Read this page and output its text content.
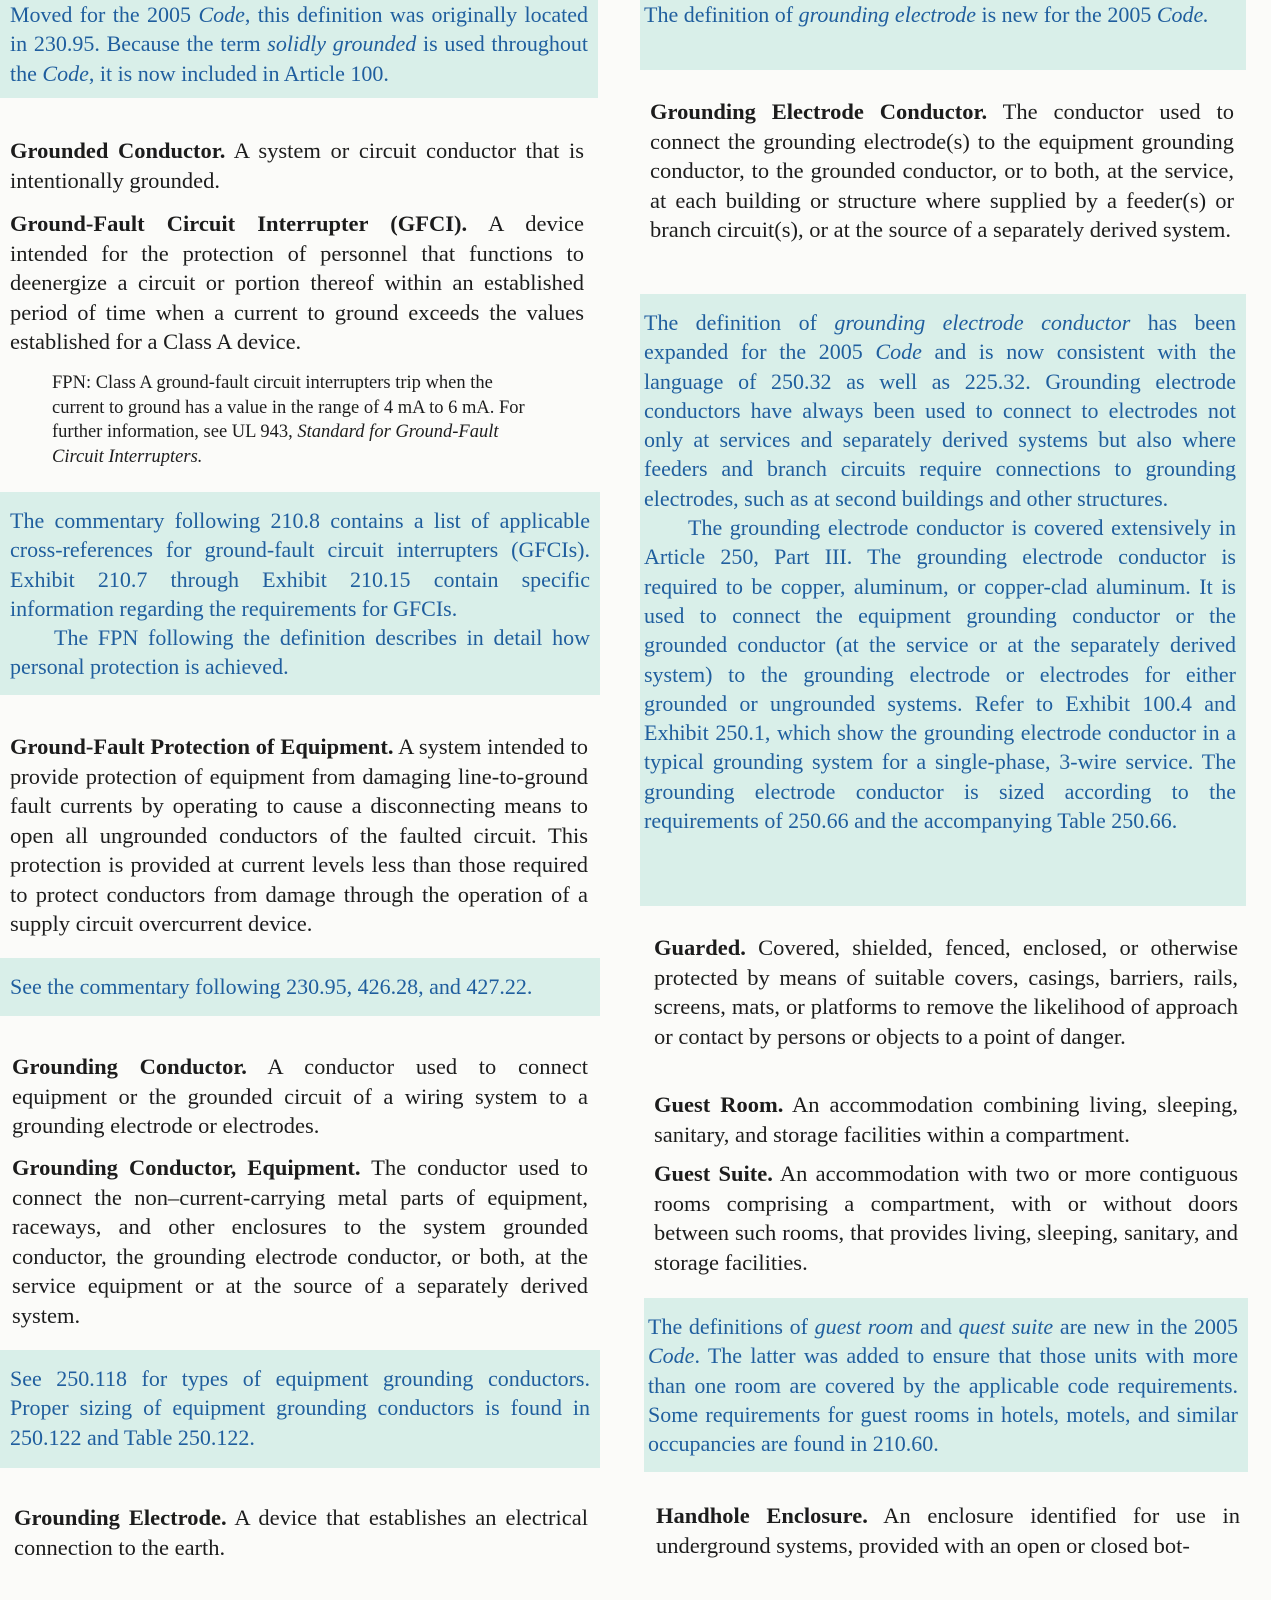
Moved for the 2005 Code, this definition was originally located in 230.95. Because the term solidly grounded is used throughout the Code, it is now included in Article 100.
Grounded Conductor. A system or circuit conductor that is intentionally grounded.
Ground-Fault Circuit Interrupter (GFCI). A device intended for the protection of personnel that functions to deenergize a circuit or portion thereof within an established period of time when a current to ground exceeds the values established for a Class A device.
FPN: Class A ground-fault circuit interrupters trip when the current to ground has a value in the range of 4 mA to 6 mA. For further information, see UL 943, Standard for Ground-Fault Circuit Interrupters.
The commentary following 210.8 contains a list of applicable cross-references for ground-fault circuit interrupters (GFCIs). Exhibit 210.7 through Exhibit 210.15 contain specific information regarding the requirements for GFCIs.
The FPN following the definition describes in detail how personal protection is achieved.
Ground-Fault Protection of Equipment. A system intended to provide protection of equipment from damaging line-to-ground fault currents by operating to cause a disconnecting means to open all ungrounded conductors of the faulted circuit. This protection is provided at current levels less than those required to protect conductors from damage through the operation of a supply circuit overcurrent device.
See the commentary following 230.95, 426.28, and 427.22.
Grounding Conductor. A conductor used to connect equipment or the grounded circuit of a wiring system to a grounding electrode or electrodes.
Grounding Conductor, Equipment. The conductor used to connect the non–current-carrying metal parts of equipment, raceways, and other enclosures to the system grounded conductor, the grounding electrode conductor, or both, at the service equipment or at the source of a separately derived system.
See 250.118 for types of equipment grounding conductors. Proper sizing of equipment grounding conductors is found in 250.122 and Table 250.122.
Grounding Electrode. A device that establishes an electrical connection to the earth.
The definition of grounding electrode is new for the 2005 Code.
Grounding Electrode Conductor. The conductor used to connect the grounding electrode(s) to the equipment grounding conductor, to the grounded conductor, or to both, at the service, at each building or structure where supplied by a feeder(s) or branch circuit(s), or at the source of a separately derived system.
The definition of grounding electrode conductor has been expanded for the 2005 Code and is now consistent with the language of 250.32 as well as 225.32. Grounding electrode conductors have always been used to connect to electrodes not only at services and separately derived systems but also where feeders and branch circuits require connections to grounding electrodes, such as at second buildings and other structures.
The grounding electrode conductor is covered extensively in Article 250, Part III. The grounding electrode conductor is required to be copper, aluminum, or copper-clad aluminum. It is used to connect the equipment grounding conductor or the grounded conductor (at the service or at the separately derived system) to the grounding electrode or electrodes for either grounded or ungrounded systems. Refer to Exhibit 100.4 and Exhibit 250.1, which show the grounding electrode conductor in a typical grounding system for a single-phase, 3-wire service. The grounding electrode conductor is sized according to the requirements of 250.66 and the accompanying Table 250.66.
Guarded. Covered, shielded, fenced, enclosed, or otherwise protected by means of suitable covers, casings, barriers, rails, screens, mats, or platforms to remove the likelihood of approach or contact by persons or objects to a point of danger.
Guest Room. An accommodation combining living, sleeping, sanitary, and storage facilities within a compartment.
Guest Suite. An accommodation with two or more contiguous rooms comprising a compartment, with or without doors between such rooms, that provides living, sleeping, sanitary, and storage facilities.
The definitions of guest room and quest suite are new in the 2005 Code. The latter was added to ensure that those units with more than one room are covered by the applicable code requirements. Some requirements for guest rooms in hotels, motels, and similar occupancies are found in 210.60.
Handhole Enclosure. An enclosure identified for use in underground systems, provided with an open or closed bot-
